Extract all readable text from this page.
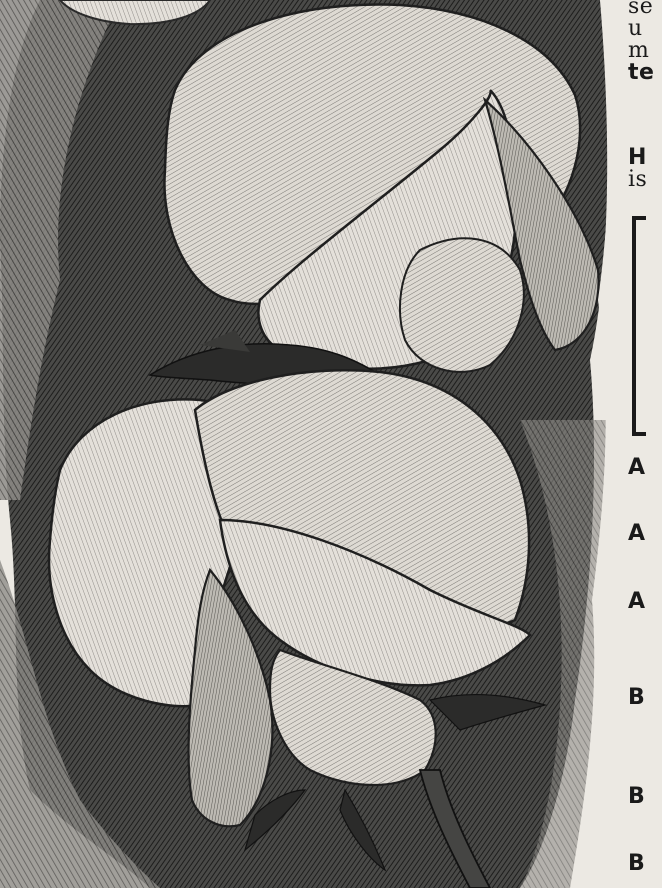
se

u

m

te

H

is

A

A

A

B

B

B
